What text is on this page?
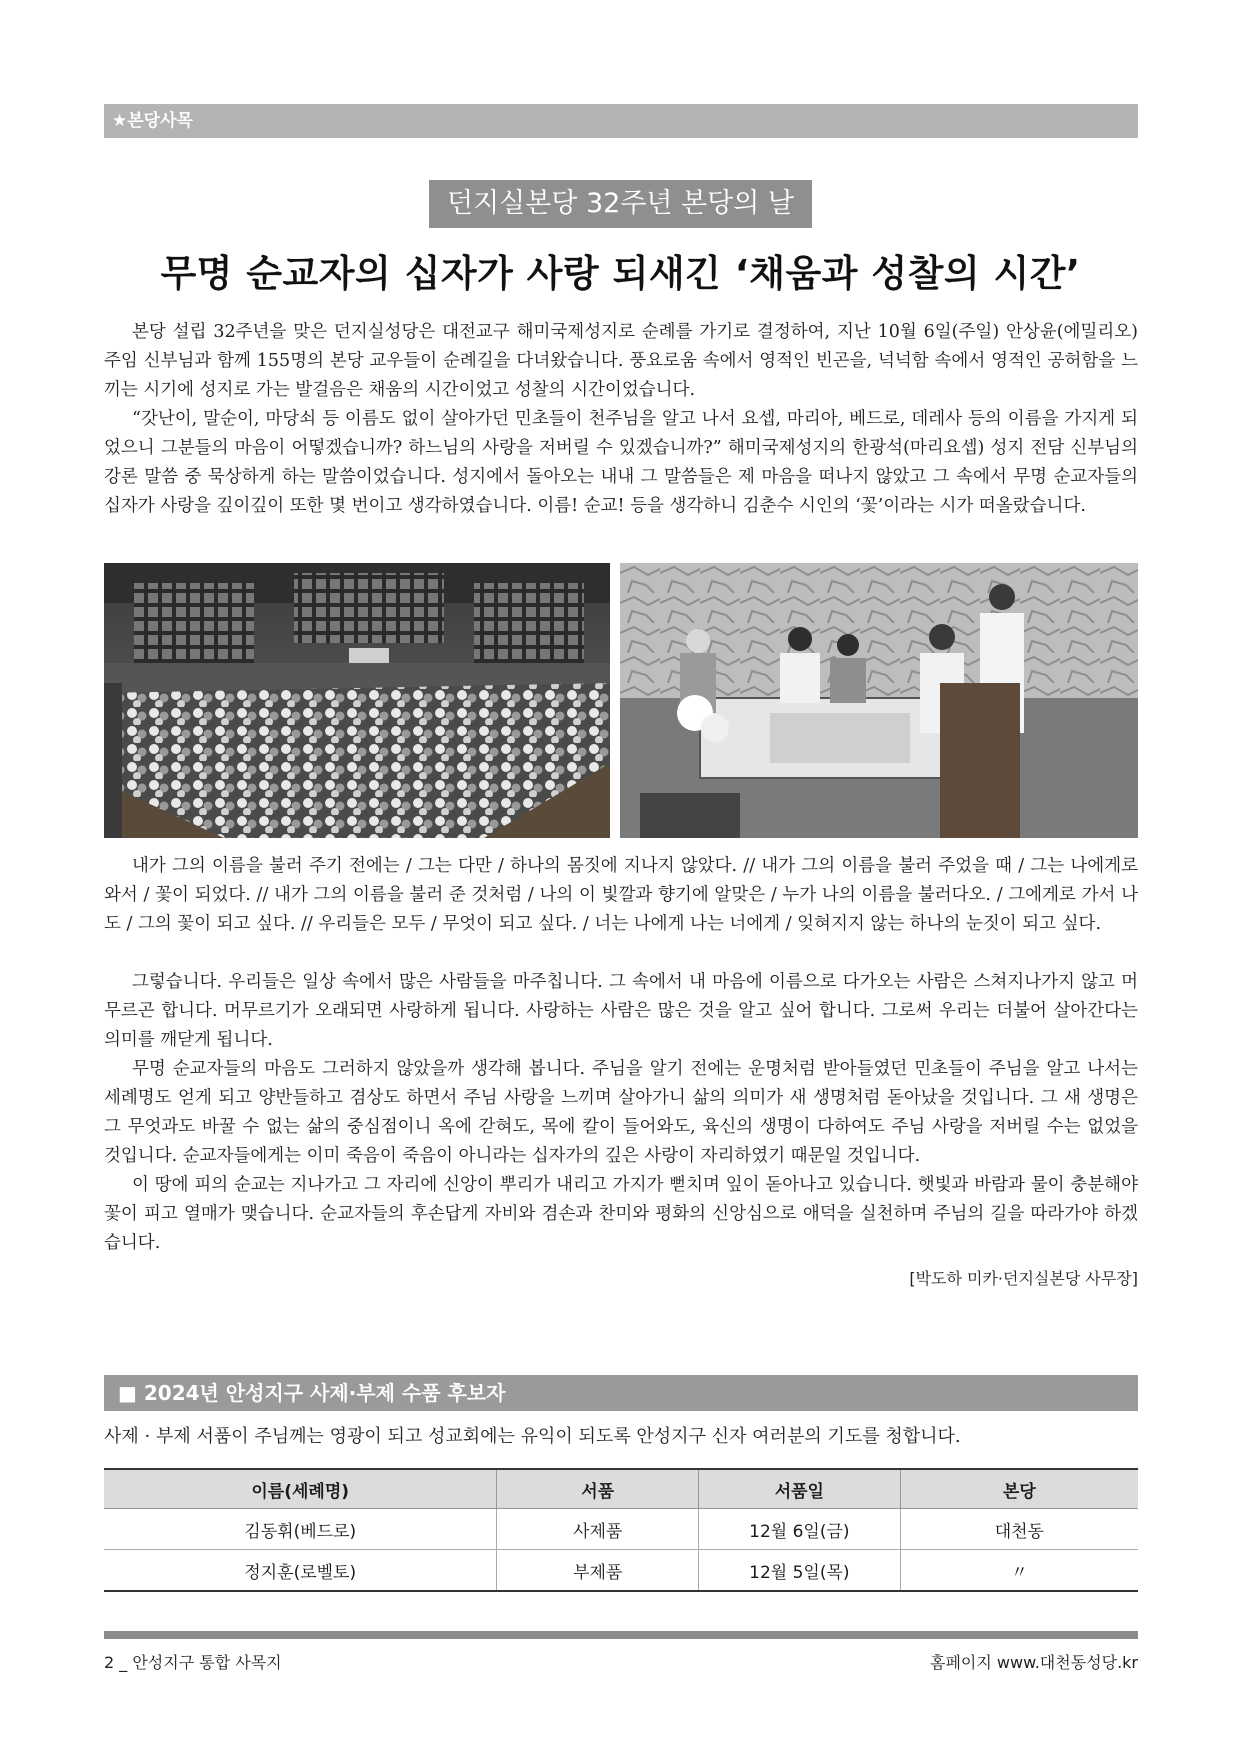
★본당사목
던지실본당 32주년 본당의 날
무명 순교자의 십자가 사랑 되새긴 ‘채움과 성찰의 시간’

본당 설립 32주년을 맞은 던지실성당은 대전교구 해미국제성지로 순례를 가기로 결정하여, 지난 10월 6일(주일) 안상윤(에밀리오) 주임 신부님과 함께 155명의 본당 교우들이 순례길을 다녀왔습니다. 풍요로움 속에서 영적인 빈곤을, 넉넉함 속에서 영적인 공허함을 느끼는 시기에 성지로 가는 발걸음은 채움의 시간이었고 성찰의 시간이었습니다.

“갓난이, 말순이, 마당쇠 등 이름도 없이 살아가던 민초들이 천주님을 알고 나서 요셉, 마리아, 베드로, 데레사 등의 이름을 가지게 되었으니 그분들의 마음이 어떻겠습니까? 하느님의 사랑을 저버릴 수 있겠습니까?” 해미국제성지의 한광석(마리요셉) 성지 전담 신부님의 강론 말씀 중 묵상하게 하는 말씀이었습니다. 성지에서 돌아오는 내내 그 말씀들은 제 마음을 떠나지 않았고 그 속에서 무명 순교자들의 십자가 사랑을 깊이깊이 또한 몇 번이고 생각하였습니다. 이름! 순교! 등을 생각하니 김춘수 시인의 ‘꽃’이라는 시가 떠올랐습니다.

내가 그의 이름을 불러 주기 전에는 / 그는 다만 / 하나의 몸짓에 지나지 않았다. // 내가 그의 이름을 불러 주었을 때 / 그는 나에게로 와서 / 꽃이 되었다. // 내가 그의 이름을 불러 준 것처럼 / 나의 이 빛깔과 향기에 알맞은 / 누가 나의 이름을 불러다오. / 그에게로 가서 나도 / 그의 꽃이 되고 싶다. // 우리들은 모두 / 무엇이 되고 싶다. / 너는 나에게 나는 너에게 / 잊혀지지 않는 하나의 눈짓이 되고 싶다.

그렇습니다. 우리들은 일상 속에서 많은 사람들을 마주칩니다. 그 속에서 내 마음에 이름으로 다가오는 사람은 스쳐지나가지 않고 머무르곤 합니다. 머무르기가 오래되면 사랑하게 됩니다. 사랑하는 사람은 많은 것을 알고 싶어 합니다. 그로써 우리는 더불어 살아간다는 의미를 깨닫게 됩니다.

무명 순교자들의 마음도 그러하지 않았을까 생각해 봅니다. 주님을 알기 전에는 운명처럼 받아들였던 민초들이 주님을 알고 나서는 세례명도 얻게 되고 양반들하고 겸상도 하면서 주님 사랑을 느끼며 살아가니 삶의 의미가 새 생명처럼 돋아났을 것입니다. 그 새 생명은 그 무엇과도 바꿀 수 없는 삶의 중심점이니 옥에 갇혀도, 목에 칼이 들어와도, 육신의 생명이 다하여도 주님 사랑을 저버릴 수는 없었을 것입니다. 순교자들에게는 이미 죽음이 죽음이 아니라는 십자가의 깊은 사랑이 자리하였기 때문일 것입니다.

이 땅에 피의 순교는 지나가고 그 자리에 신앙이 뿌리가 내리고 가지가 뻗치며 잎이 돋아나고 있습니다. 햇빛과 바람과 물이 충분해야 꽃이 피고 열매가 맺습니다. 순교자들의 후손답게 자비와 겸손과 찬미와 평화의 신앙심으로 애덕을 실천하며 주님의 길을 따라가야 하겠습니다.

[박도하 미카·던지실본당 사무장]

■ 2024년 안성지구 사제·부제 수품 후보자
사제 · 부제 서품이 주님께는 영광이 되고 성교회에는 유익이 되도록 안성지구 신자 여러분의 기도를 청합니다.
이름(세례명)	서품	서품일	본당
김동휘(베드로)	사제품	12월 6일(금)	대천동
정지훈(로벨토)	부제품	12월 5일(목)	〃
2 _ 안성지구 통합 사목지	홈페이지 www.대천동성당.kr
